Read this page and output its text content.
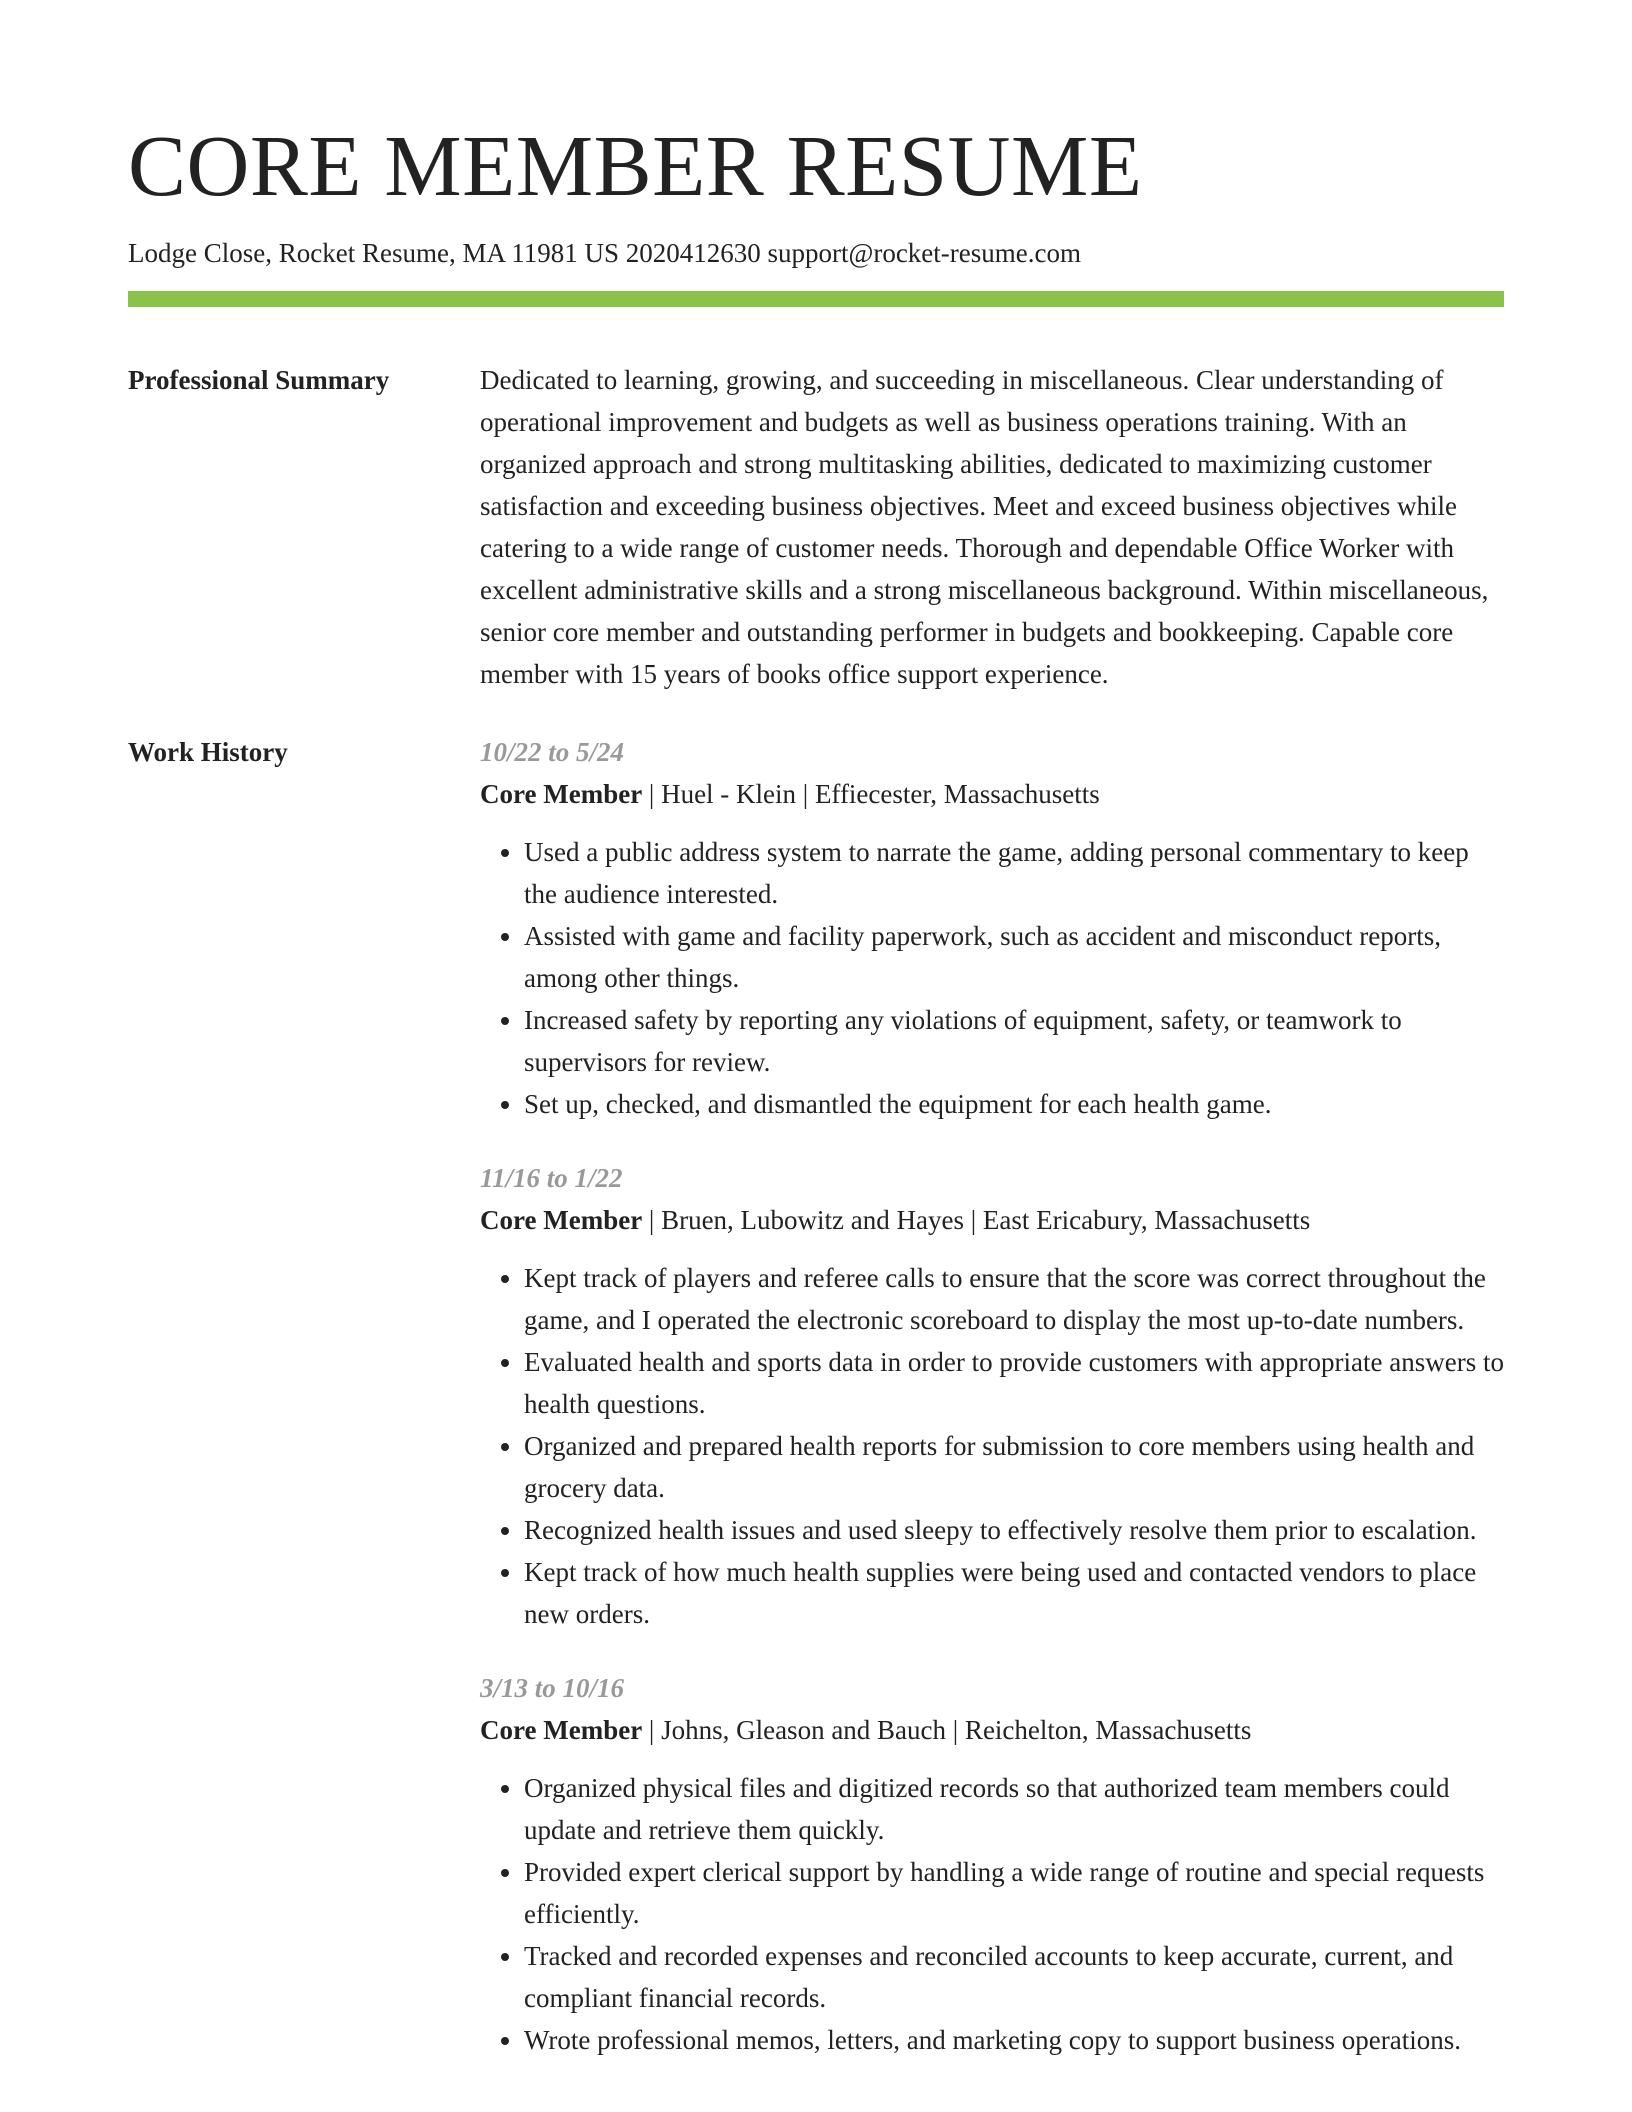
CORE MEMBER RESUME
Lodge Close, Rocket Resume, MA 11981 US 2020412630 support@rocket-resume.com
Professional Summary	Dedicated to learning, growing, and succeeding in miscellaneous. Clear understanding of operational improvement and budgets as well as business operations training. With an organized approach and strong multitasking abilities, dedicated to maximizing customer satisfaction and exceeding business objectives. Meet and exceed business objectives while catering to a wide range of customer needs. Thorough and dependable Office Worker with excellent administrative skills and a strong miscellaneous background. Within miscellaneous, senior core member and outstanding performer in budgets and bookkeeping. Capable core member with 15 years of books office support experience.

Work History	10/22 to 5/24
Core Member | Huel - Klein | Effiecester, Massachusetts
• Used a public address system to narrate the game, adding personal commentary to keep the audience interested.
• Assisted with game and facility paperwork, such as accident and misconduct reports, among other things.
• Increased safety by reporting any violations of equipment, safety, or teamwork to supervisors for review.
• Set up, checked, and dismantled the equipment for each health game.
11/16 to 1/22
Core Member | Bruen, Lubowitz and Hayes | East Ericabury, Massachusetts
• Kept track of players and referee calls to ensure that the score was correct throughout the game, and I operated the electronic scoreboard to display the most up-to-date numbers.
• Evaluated health and sports data in order to provide customers with appropriate answers to health questions.
• Organized and prepared health reports for submission to core members using health and grocery data.
• Recognized health issues and used sleepy to effectively resolve them prior to escalation.
• Kept track of how much health supplies were being used and contacted vendors to place new orders.
3/13 to 10/16
Core Member | Johns, Gleason and Bauch | Reichelton, Massachusetts
• Organized physical files and digitized records so that authorized team members could update and retrieve them quickly.
• Provided expert clerical support by handling a wide range of routine and special requests efficiently.
• Tracked and recorded expenses and reconciled accounts to keep accurate, current, and compliant financial records.
• Wrote professional memos, letters, and marketing copy to support business operations.
